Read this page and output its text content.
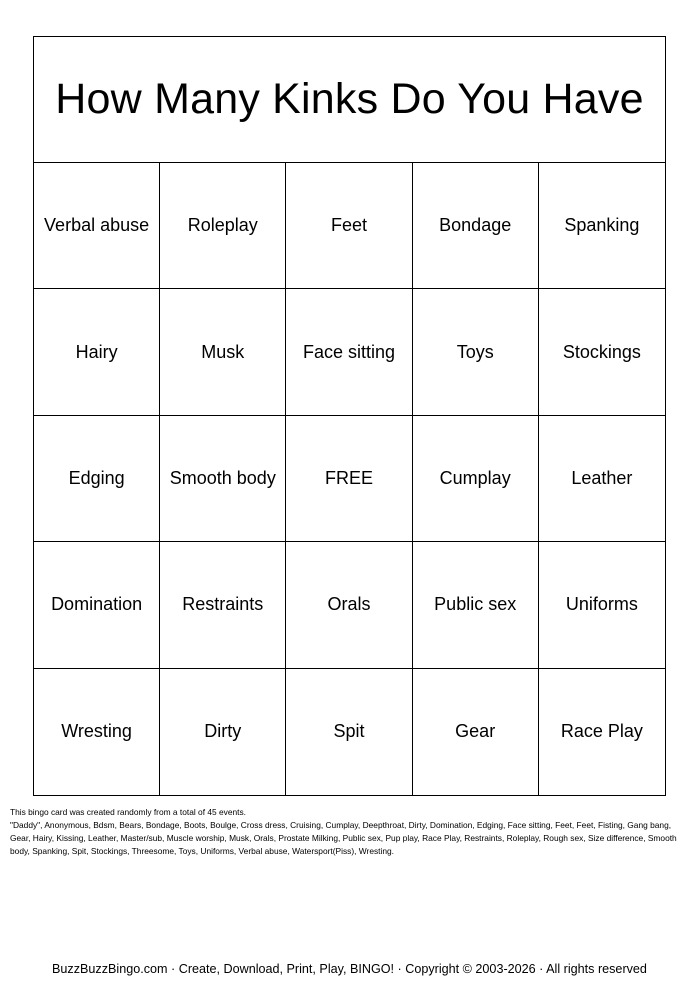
How Many Kinks Do You Have
Verbal abuse	Roleplay	Feet	Bondage	Spanking
Hairy	Musk	Face sitting	Toys	Stockings
Edging	Smooth body	FREE	Cumplay	Leather
Domination	Restraints	Orals	Public sex	Uniforms
Wresting	Dirty	Spit	Gear	Race Play

This bingo card was created randomly from a total of 45 events.

"Daddy", Anonymous, Bdsm, Bears, Bondage, Boots, Boulge, Cross dress, Cruising, Cumplay, Deepthroat, Dirty, Domination, Edging, Face sitting, Feet, Feet, Fisting, Gang bang, Gear, Hairy, Kissing, Leather, Master/sub, Muscle worship, Musk, Orals, Prostate Milking, Public sex, Pup play, Race Play, Restraints, Roleplay, Rough sex, Size difference, Smooth body, Spanking, Spit, Stockings, Threesome, Toys, Uniforms, Verbal abuse, Watersport(Piss), Wresting.

BuzzBuzzBingo.com · Create, Download, Print, Play, BINGO! · Copyright © 2003-2026 · All rights reserved
